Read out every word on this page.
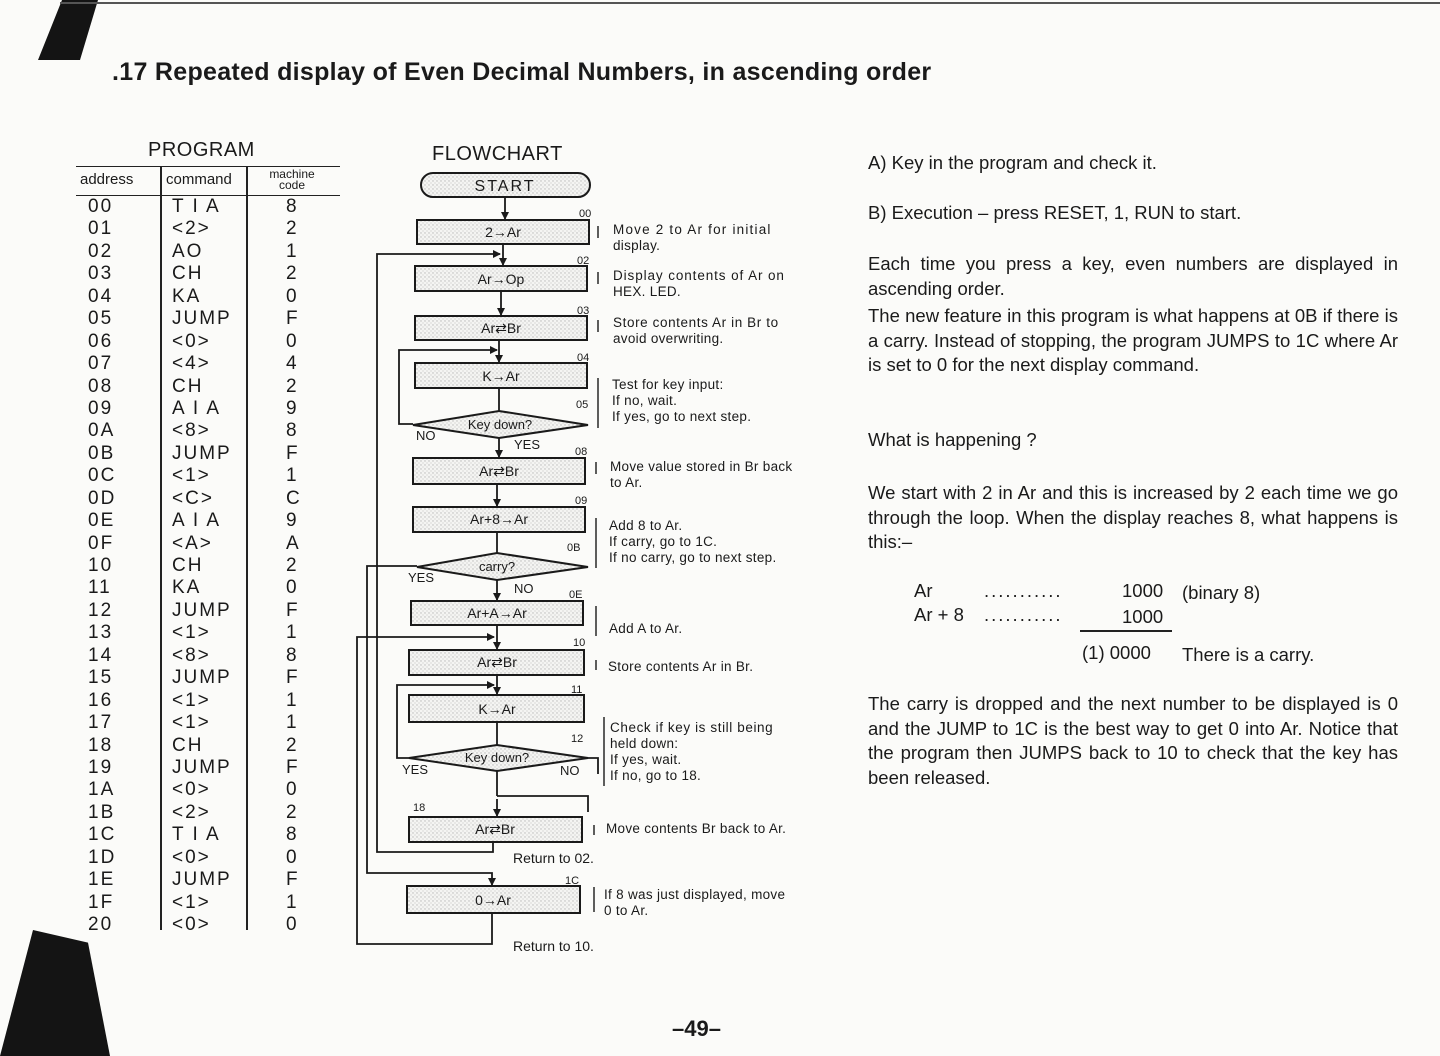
.17 Repeated display of Even Decimal Numbers, in ascending order
PROGRAM
address command	machine code
00	T I A	8
01	<2>	2
02	AO	1
03	CH	2
04	KA	0
05	JUMP	F
06	<0>	0
07	<4>	4
08	CH	2
09	A I A	9
0A	<8>	8
0B	JUMP	F
0C	<1>	1
0D	<C>	C
0E	A I A	9
0F	<A>	A
10	CH	2
11	KA	0
12	JUMP	F
13	<1>	1
14	<8>	8
15	JUMP	F
16	<1>	1
17	<1>	1
18	CH	2
19	JUMP	F
1A	<0>	0
1B	<2>	2
1C	T I A	8
1D	<0>	0
1E	JUMP	F
1F	<1>	1
20	<0>	0
FLOWCHART
START
2→Ar
Ar→Op
Ar⇄Br
K→Ar
Key down?
Ar⇄Br
Ar+8→Ar
carry?
Ar+A→Ar
Ar⇄Br
K→Ar
Key down?
Ar⇄Br
0→Ar
00
02
03
04
05
08
09
0B
0E
10
11
12
18
1C
NO
YES
YES
NO
YES	NO
Move 2 to Ar for initial
display.
Display contents of Ar on
HEX. LED.
Store contents Ar in Br to
avoid overwriting.
Test for key input:
If no, wait.
If yes, go to next step.
Move value stored in Br back
to Ar.
Add 8 to Ar.
If carry, go to 1C.
If no carry, go to next step.
Add A to Ar.
Store contents Ar in Br.
Check if key is still being
held down:
If yes, wait.
If no, go to 18.
Move contents Br back to Ar.
If 8 was just displayed, move
0 to Ar.
Return to 02.
Return to 10.
A) Key in the program and check it.
B) Execution – press RESET, 1, RUN to start.
Each time you press a key, even numbers are displayed in ascending order.
The new feature in this program is what happens at 0B if there is a carry. Instead of stopping, the program JUMPS to 1C where Ar is set to 0 for the next display command.
What is happening ?
We start with 2 in Ar and this is increased by 2 each time we go through the loop. When the display reaches 8, what happens is this:–
Ar	...........	1000 (binary 8)
Ar + 8 ...........	1000
(1) 0000 There is a carry.
The carry is dropped and the next number to be displayed is 0 and the JUMP to 1C is the best way to get 0 into Ar. Notice that the program then JUMPS back to 10 to check that the key has been released.
–49–
